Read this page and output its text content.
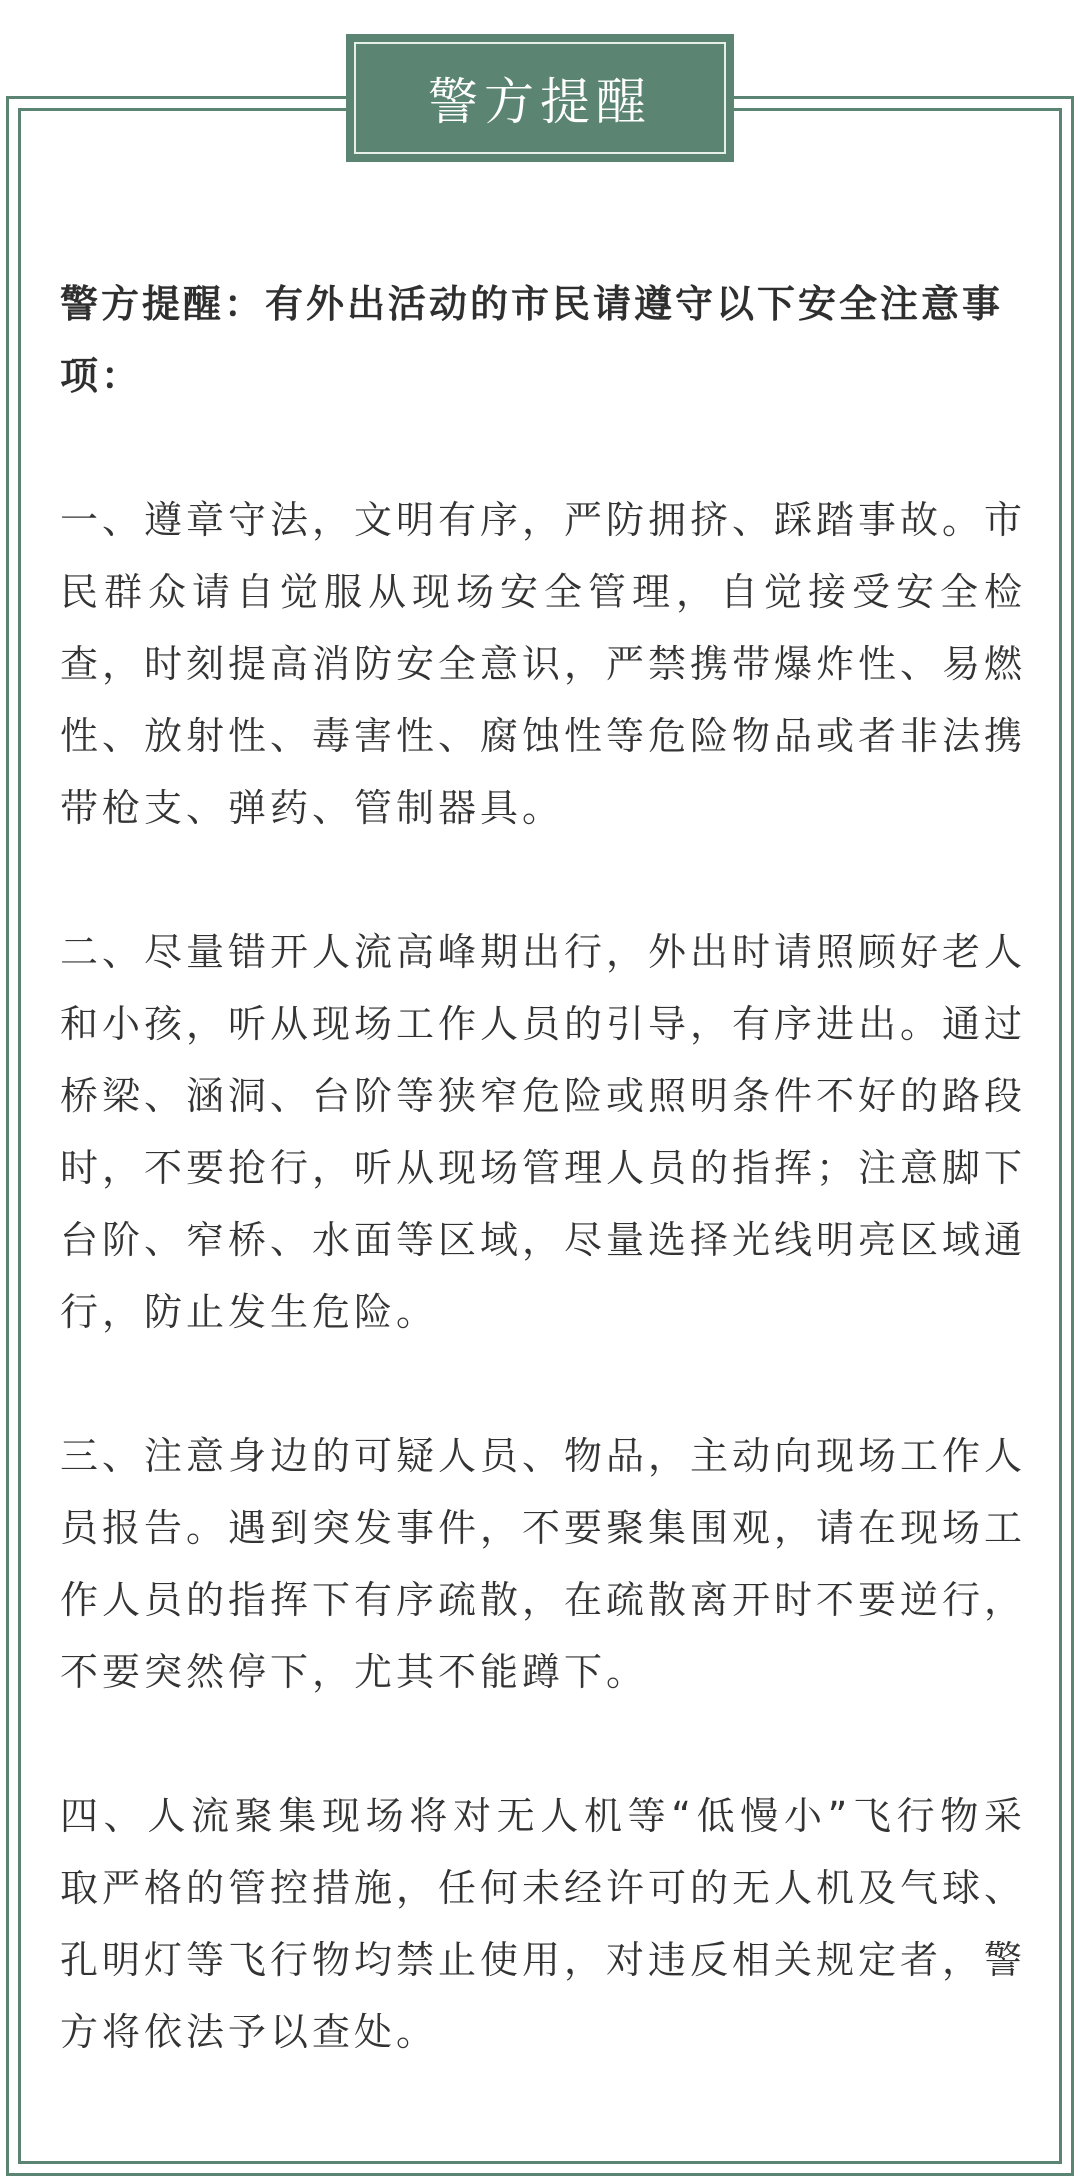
警方提醒

警方提醒：有外出活动的市民请遵守以下安全注意事项：

一、遵章守法，文明有序，严防拥挤、踩踏事故。市民群众请自觉服从现场安全管理，自觉接受安全检查，时刻提高消防安全意识，严禁携带爆炸性、易燃性、放射性、毒害性、腐蚀性等危险物品或者非法携带枪支、弹药、管制器具。

二、尽量错开人流高峰期出行，外出时请照顾好老人和小孩，听从现场工作人员的引导，有序进出。通过桥梁、涵洞、台阶等狭窄危险或照明条件不好的路段时，不要抢行，听从现场管理人员的指挥；注意脚下台阶、窄桥、水面等区域，尽量选择光线明亮区域通行，防止发生危险。

三、注意身边的可疑人员、物品，主动向现场工作人员报告。遇到突发事件，不要聚集围观，请在现场工作人员的指挥下有序疏散，在疏散离开时不要逆行，不要突然停下，尤其不能蹲下。

四、人流聚集现场将对无人机等“低慢小”飞行物采取严格的管控措施，任何未经许可的无人机及气球、孔明灯等飞行物均禁止使用，对违反相关规定者，警方将依法予以查处。
